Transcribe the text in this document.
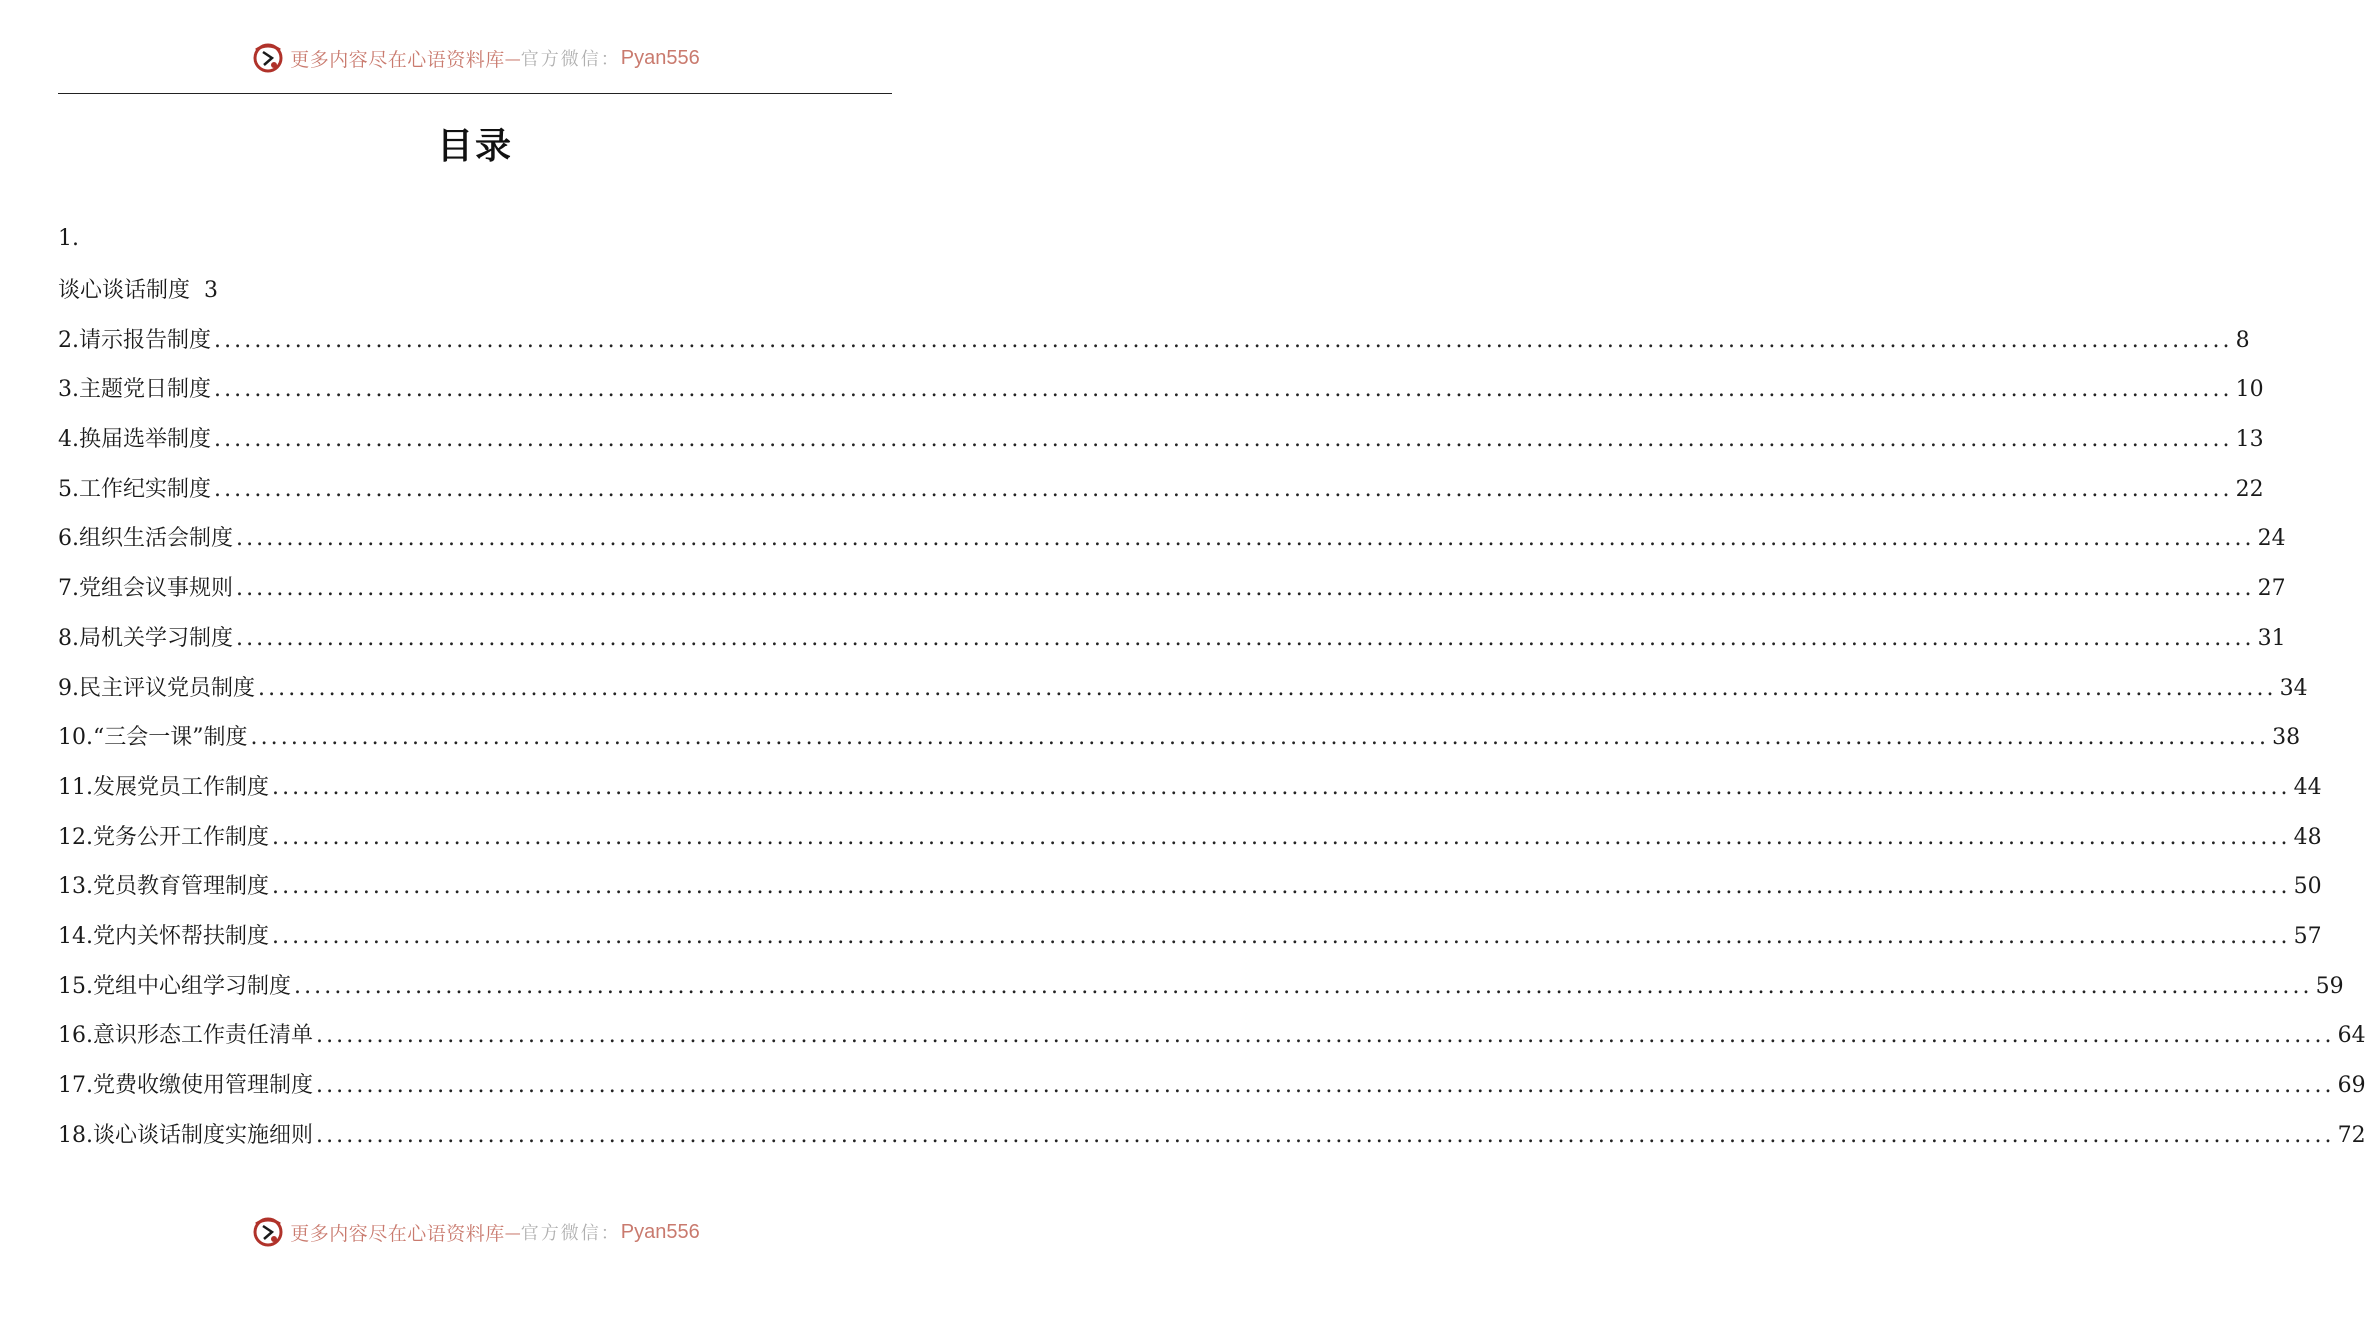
更多内容尽在心语资料库 — 官方微信： Pyan556
目录
1.
谈心谈话制度  3
2.请示报告制度 ........................................................................................................................................................................................................ 8
3.主题党日制度 ........................................................................................................................................................................................................ 10
4.换届选举制度 ........................................................................................................................................................................................................ 13
5.工作纪实制度 ........................................................................................................................................................................................................ 22
6.组织生活会制度 ........................................................................................................................................................................................................ 24
7.党组会议事规则 ........................................................................................................................................................................................................ 27
8.局机关学习制度 ........................................................................................................................................................................................................ 31
9.民主评议党员制度 ........................................................................................................................................................................................................ 34
10.“三会一课”制度 ........................................................................................................................................................................................................ 38
11.发展党员工作制度 ........................................................................................................................................................................................................ 44
12.党务公开工作制度 ........................................................................................................................................................................................................ 48
13.党员教育管理制度 ........................................................................................................................................................................................................ 50
14.党内关怀帮扶制度 ........................................................................................................................................................................................................ 57
15.党组中心组学习制度 ........................................................................................................................................................................................................ 59
16.意识形态工作责任清单 ........................................................................................................................................................................................................ 64
17.党费收缴使用管理制度 ........................................................................................................................................................................................................ 69
18.谈心谈话制度实施细则 ........................................................................................................................................................................................................ 72
更多内容尽在心语资料库 — 官方微信： Pyan556
